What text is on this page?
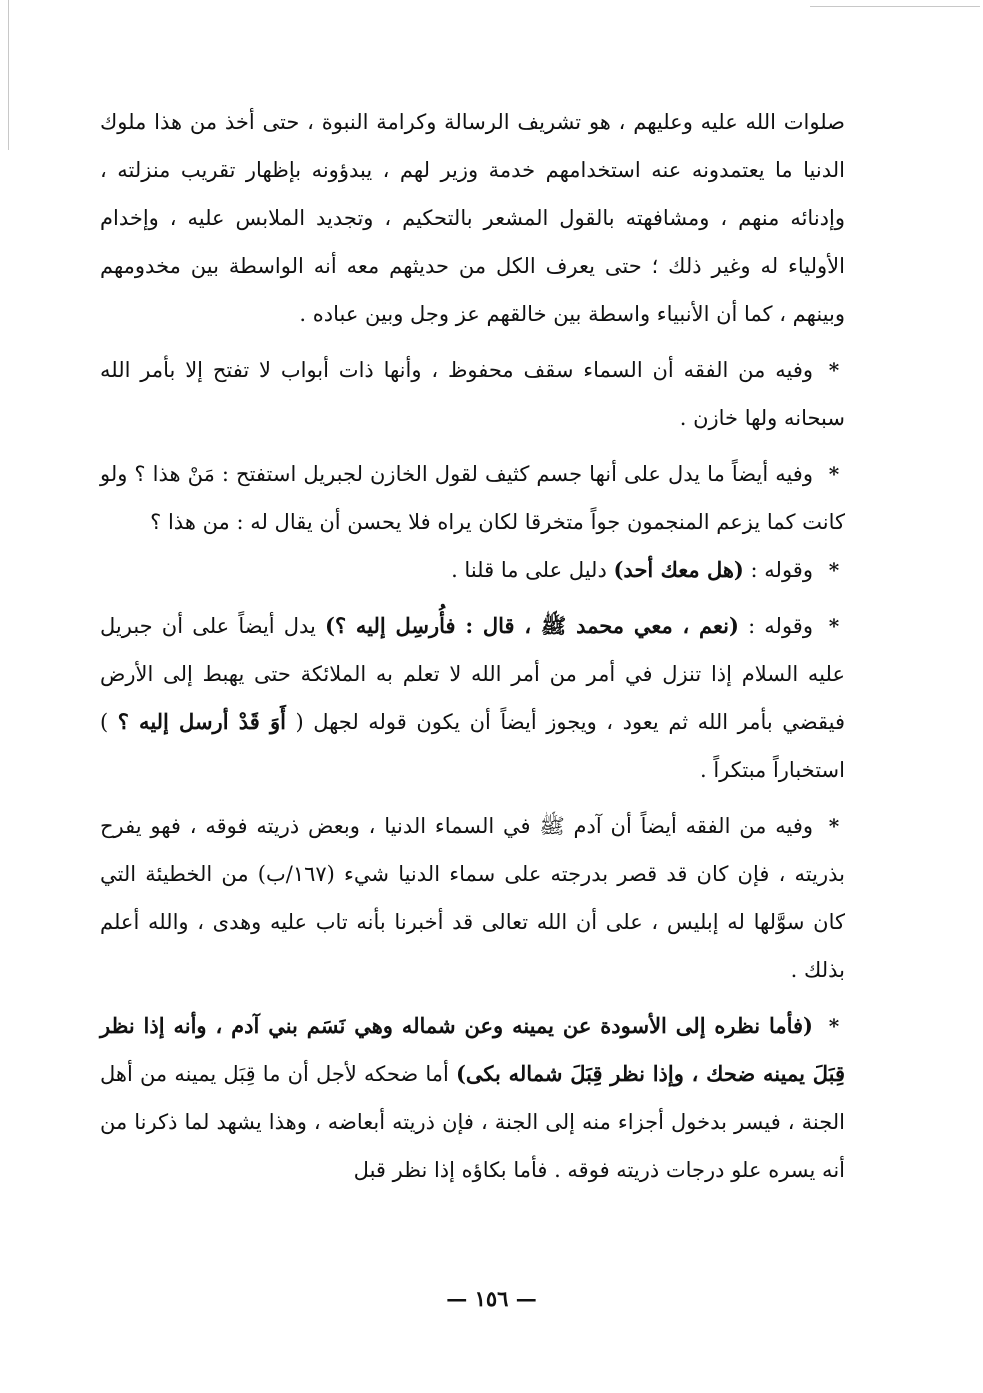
صلوات الله عليه وعليهم ، هو تشريف الرسالة وكرامة النبوة ، حتى أخذ من هذا ملوك الدنيا ما يعتمدونه عنه استخدامهم خدمة وزير لهم ، يبدؤونه بإظهار تقريب منزلته ، وإدنائه منهم ، ومشافهته بالقول المشعر بالتحكيم ، وتجديد الملابس عليه ، وإخدام الأولياء له وغير ذلك ؛ حتى يعرف الكل من حديثهم معه أنه الواسطة بين مخدومهم وبينهم ، كما أن الأنبياء واسطة بين خالقهم عز وجل وبين عباده .

*وفيه من الفقه أن السماء سقف محفوظ ، وأنها ذات أبواب لا تفتح إلا بأمر الله سبحانه ولها خازن .

*وفيه أيضاً ما يدل على أنها جسم كثيف لقول الخازن لجبريل استفتح : مَنْ هذا ؟ ولو كانت كما يزعم المنجمون جواً متخرقا لكان يراه فلا يحسن أن يقال له : من هذا ؟

*وقوله : (هل معك أحد) دليل على ما قلنا .

*وقوله : (نعم ، معي محمد ﷺ ، قال : فأُرسِل إليه ؟) يدل أيضاً على أن جبريل عليه السلام إذا تنزل في أمر من أمر الله لا تعلم به الملائكة حتى يهبط إلى الأرض فيقضي بأمر الله ثم يعود ، ويجوز أيضاً أن يكون قوله لجهل ( أَوَ قَدْ أرسل إليه ؟ ) استخباراً مبتكراً .

*وفيه من الفقه أيضاً أن آدم ﷺ في السماء الدنيا ، وبعض ذريته فوقه ، فهو يفرح بذريته ، فإن كان قد قصر بدرجته على سماء الدنيا شيء (١٦٧/ب) من الخطيئة التي كان سوَّلها له إبليس ، على أن الله تعالى قد أخبرنا بأنه تاب عليه وهدى ، والله أعلم بذلك .

*(فأما نظره إلى الأسودة عن يمينه وعن شماله وهي نَسَم بني آدم ، وأنه إذا نظر قِبَلَ يمينه ضحك ، وإذا نظر قِبَلَ شماله بكى) أما ضحكه لأجل أن ما قِبَل يمينه من أهل الجنة ، فيسر بدخول أجزاء منه إلى الجنة ، فإن ذريته أبعاضه ، وهذا يشهد لما ذكرنا من أنه يسره علو درجات ذريته فوقه . فأما بكاؤه إذا نظر قبل

— ١٥٦ —
